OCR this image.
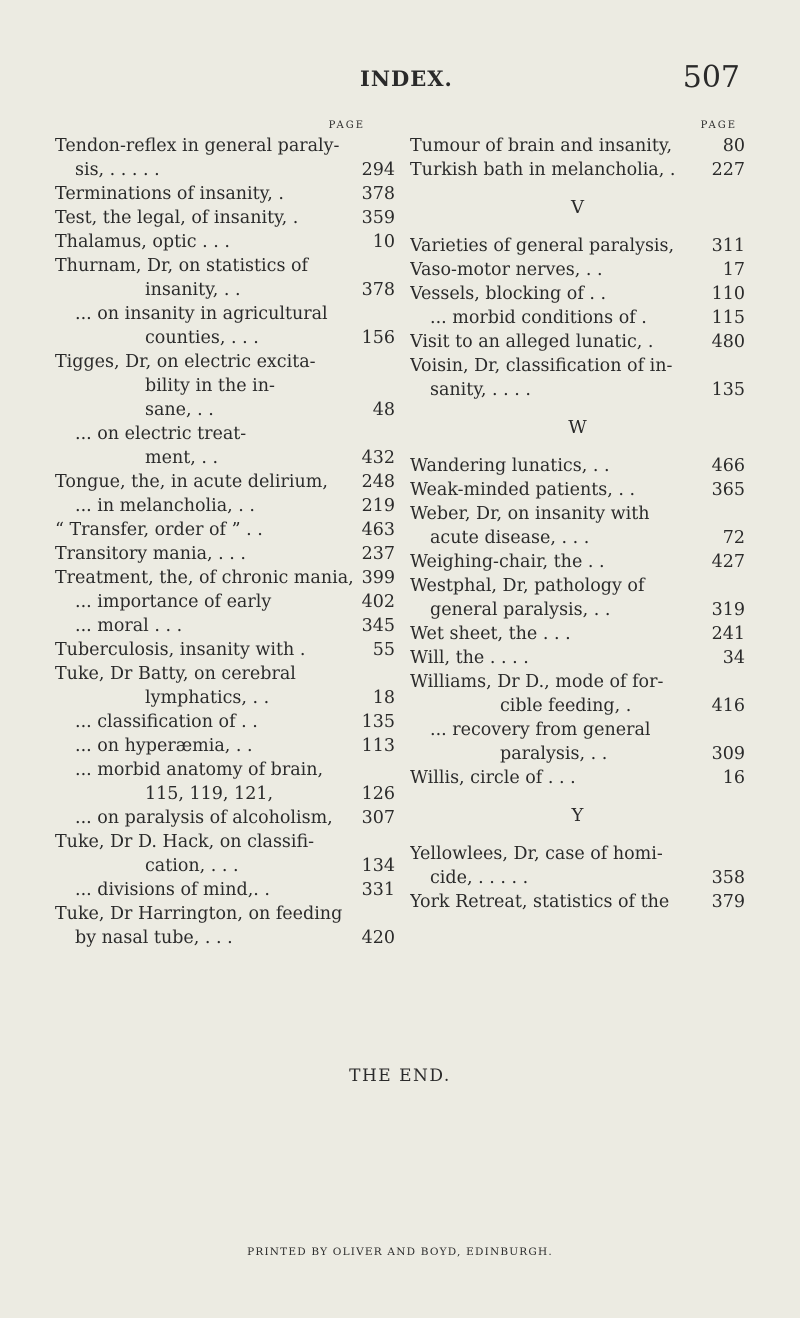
INDEX.	507
PAGE
Tendon-reflex in general paraly-
sis, . . . . .	294
Terminations of insanity, .	378
Test, the legal, of insanity, .	359
Thalamus, optic . . .	10
Thurnam, Dr, on statistics of
insanity, . .	378
... on insanity in agricultural
counties, . . .	156
Tigges, Dr, on electric excita-
bility in the in-
sane, . .	48
... on electric treat-
ment, . .	432
Tongue, the, in acute delirium,	248
... in melancholia, . .	219
“ Transfer, order of ” . .	463
Transitory mania, . . .	237
Treatment, the, of chronic mania, 399
... importance of early	402
... moral . . .	345
Tuberculosis, insanity with .	55
Tuke, Dr Batty, on cerebral
lymphatics, . .	18
... classification of . .	135
... on hyperæmia, . .	113
... morbid anatomy of brain,
115, 119, 121,	126
... on paralysis of alcoholism,	307
Tuke, Dr D. Hack, on classifi-
cation, . . .	134
... divisions of mind,. .	331
Tuke, Dr Harrington, on feeding
by nasal tube, . . .	420
PAGE
Tumour of brain and insanity,	80
Turkish bath in melancholia, .	227
V
Varieties of general paralysis,	311
Vaso-motor nerves, . .	17
Vessels, blocking of . .	110
... morbid conditions of .	115
Visit to an alleged lunatic, .	480
Voisin, Dr, classification of in-
sanity, . . . .	135
W
Wandering lunatics, . .	466
Weak-minded patients, . .	365
Weber, Dr, on insanity with
acute disease, . . .	72
Weighing-chair, the . .	427
Westphal, Dr, pathology of
general paralysis, . .	319
Wet sheet, the . . .	241
Will, the . . . .	34
Williams, Dr D., mode of for-
cible feeding, .	416
... recovery from general
paralysis, . .	309
Willis, circle of . . .	16
Y
Yellowlees, Dr, case of homi-
cide, . . . . .	358
York Retreat, statistics of the	379
THE END.
PRINTED BY OLIVER AND BOYD, EDINBURGH.
